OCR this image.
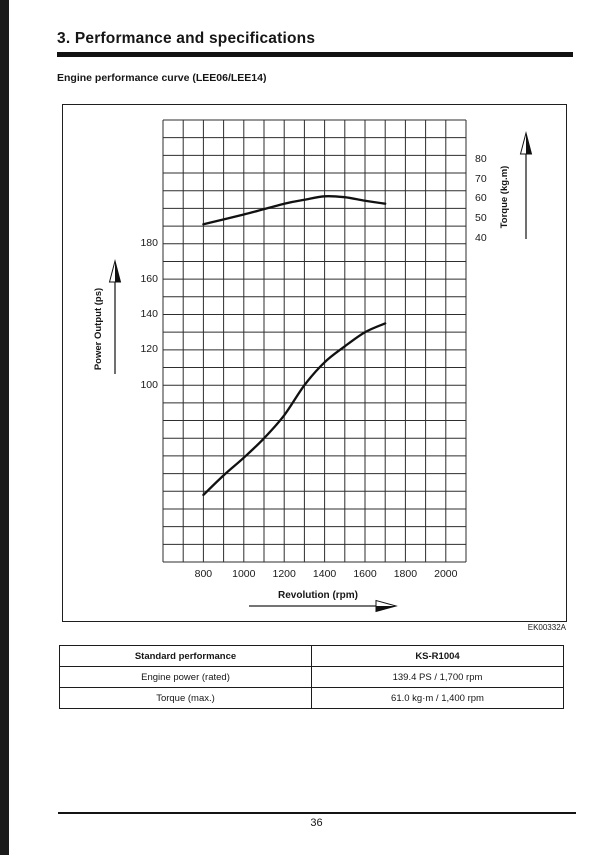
3. Performance and specifications
Engine performance curve (LEE06/LEE14)
Power Output (ps)
Torque (kg.m)
Revolution (rpm)
180
160
140
120
100
80
70
60
50
40
800	1000	1200	1400	1600	1800	2000
EK00332A
Standard performance	KS-R1004
Engine power (rated)	139.4 PS / 1,700 rpm
Torque (max.)	61.0 kg·m / 1,400 rpm
36
